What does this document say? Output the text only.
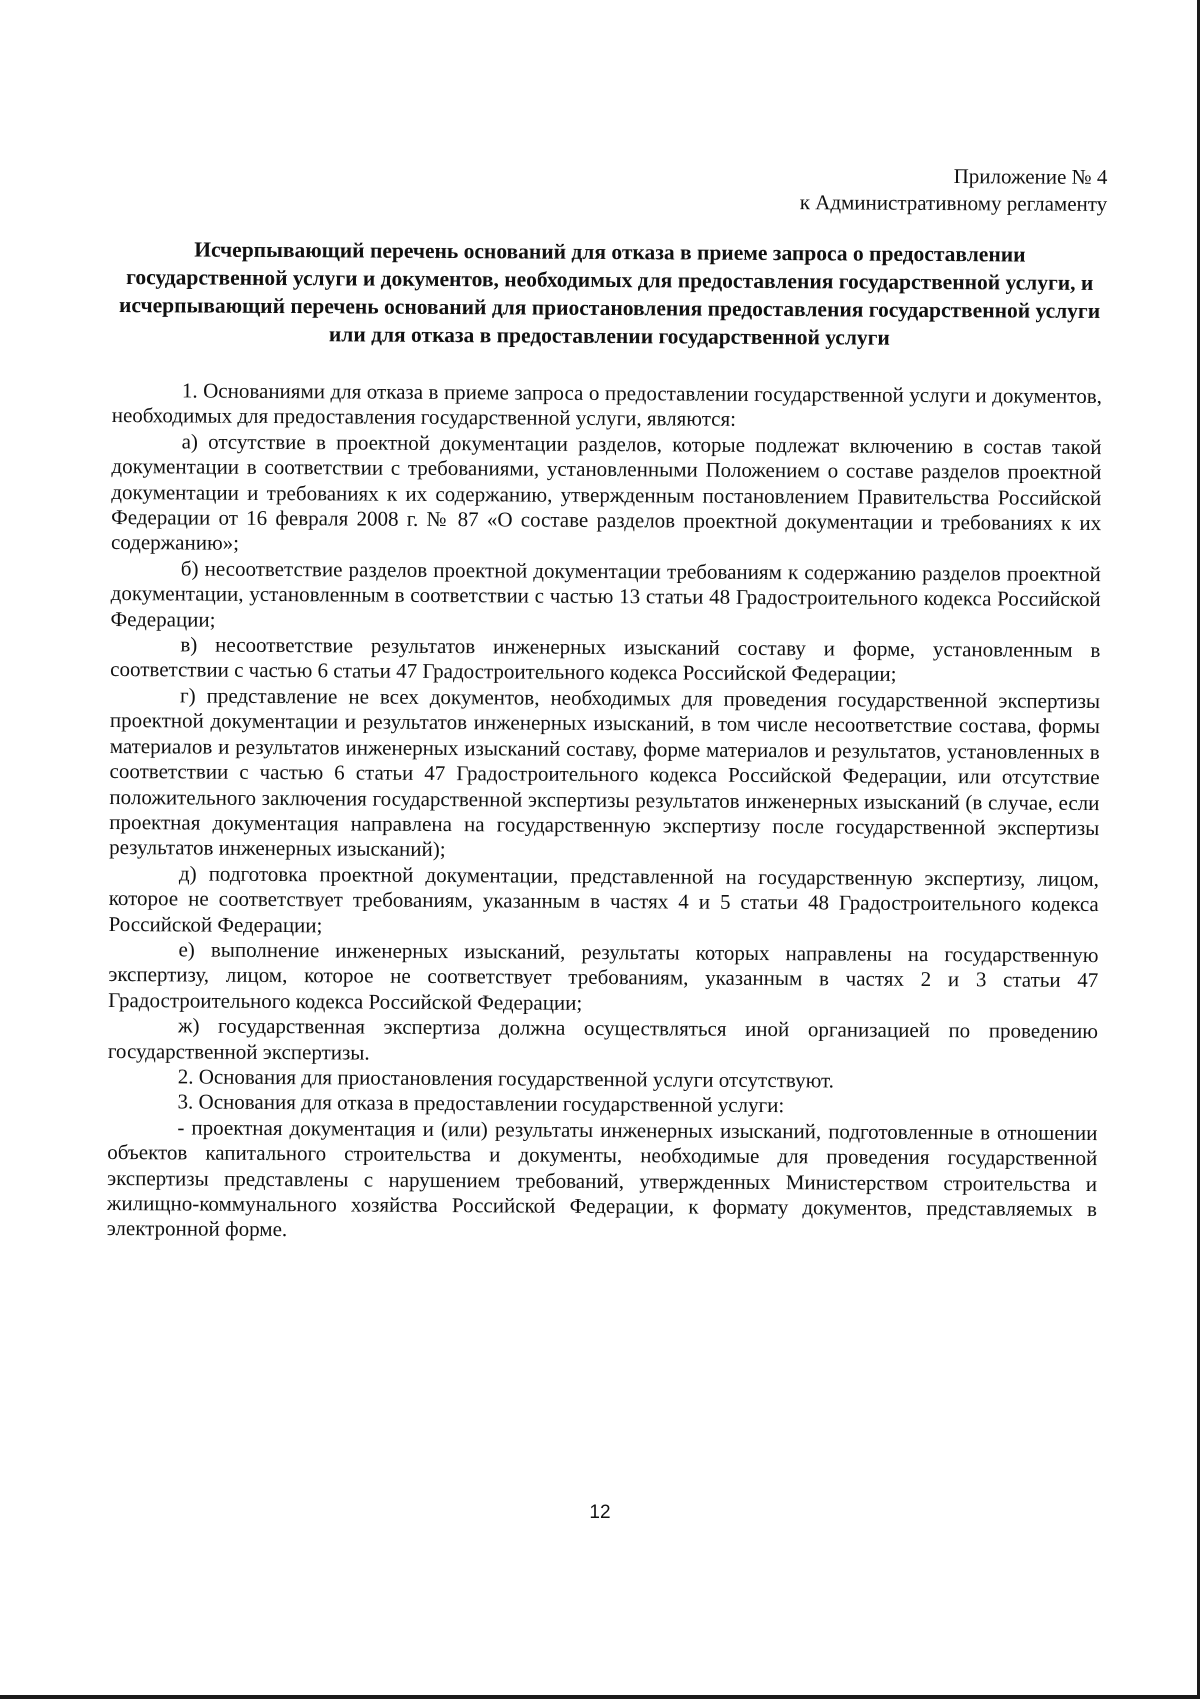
Приложение № 4
к Административному регламенту
Исчерпывающий перечень оснований для отказа в приеме запроса о предоставлении государственной услуги и документов, необходимых для предоставления государственной услуги, и исчерпывающий перечень оснований для приостановления предоставления государственной услуги или для отказа в предоставлении государственной услуги

1. Основаниями для отказа в приеме запроса о предоставлении государственной услуги и документов, необходимых для предоставления государственной услуги, являются:

а) отсутствие в проектной документации разделов, которые подлежат включению в состав такой документации в соответствии с требованиями, установленными Положением о составе разделов проектной документации и требованиях к их содержанию, утвержденным постановлением Правительства Российской Федерации от 16 февраля 2008 г. № 87 «О составе разделов проектной документации и требованиях к их содержанию»;

б) несоответствие разделов проектной документации требованиям к содержанию разделов проектной документации, установленным в соответствии с частью 13 статьи 48 Градостроительного кодекса Российской Федерации;

в) несоответствие результатов инженерных изысканий составу и форме, установленным в соответствии с частью 6 статьи 47 Градостроительного кодекса Российской Федерации;

г) представление не всех документов, необходимых для проведения государственной экспертизы проектной документации и результатов инженерных изысканий, в том числе несоответствие состава, формы материалов и результатов инженерных изысканий составу, форме материалов и результатов, установленных в соответствии с частью 6 статьи 47 Градостроительного кодекса Российской Федерации, или отсутствие положительного заключения государственной экспертизы результатов инженерных изысканий (в случае, если проектная документация направлена на государственную экспертизу после государственной экспертизы результатов инженерных изысканий);

д) подготовка проектной документации, представленной на государственную экспертизу, лицом, которое не соответствует требованиям, указанным в частях 4 и 5 статьи 48 Градостроительного кодекса Российской Федерации;

е) выполнение инженерных изысканий, результаты которых направлены на государственную экспертизу, лицом, которое не соответствует требованиям, указанным в частях 2 и 3 статьи 47 Градостроительного кодекса Российской Федерации;

ж) государственная экспертиза должна осуществляться иной организацией по проведению государственной экспертизы.

2. Основания для приостановления государственной услуги отсутствуют.

3. Основания для отказа в предоставлении государственной услуги:

- проектная документация и (или) результаты инженерных изысканий, подготовленные в отношении объектов капитального строительства и документы, необходимые для проведения государственной экспертизы представлены с нарушением требований, утвержденных Министерством строительства и жилищно-коммунального хозяйства Российской Федерации, к формату документов, представляемых в электронной форме.

12
